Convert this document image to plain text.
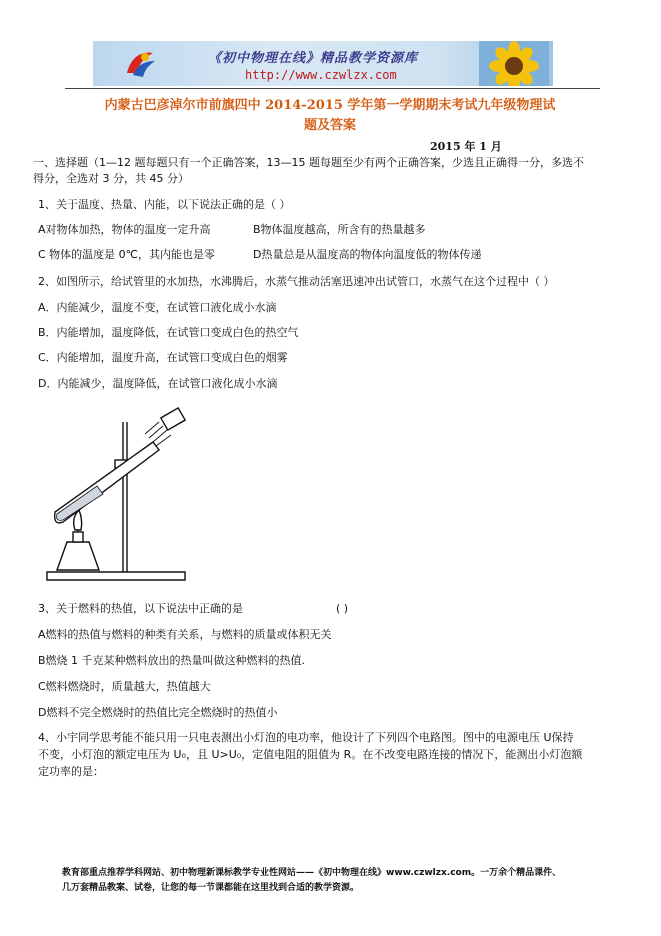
《初中物理在线》精品教学资源库
http://www.czwlzx.com
内蒙古巴彦淖尔市前旗四中 2014-2015 学年第一学期期末考试九年级物理试
题及答案
2015 年 1 月
一、选择题（1—12 题每题只有一个正确答案，13—15 题每题至少有两个正确答案，少选且正确得一分，多选不
得分，全选对 3 分，共 45 分）
1、关于温度、热量、内能，以下说法正确的是（ ）
A对物体加热，物体的温度一定升高	B物体温度越高，所含有的热量越多
C 物体的温度是 0℃，其内能也是零	D热量总是从温度高的物体向温度低的物体传递
2、如图所示，给试管里的水加热，水沸腾后，水蒸气推动活塞迅速冲出试管口，水蒸气在这个过程中（ ）
A．内能减少，温度不变，在试管口液化成小水滴
B．内能增加，温度降低，在试管口变成白色的热空气
C．内能增加，温度升高，在试管口变成白色的烟雾
D．内能减少，温度降低，在试管口液化成小水滴
3、关于燃料的热值，以下说法中正确的是	( )
A燃料的热值与燃料的种类有关系，与燃料的质量或体积无关
B燃烧 1 千克某种燃料放出的热量叫做这种燃料的热值.
C燃料燃烧时，质量越大，热值越大
D燃料不完全燃烧时的热值比完全燃烧时的热值小
4、小宇同学思考能不能只用一只电表测出小灯泡的电功率，他设计了下列四个电路图。图中的电源电压 U保持
不变，小灯泡的额定电压为 U₀，且 U>U₀，定值电阻的阻值为 R。在不改变电路连接的情况下，能测出小灯泡额
定功率的是：
教育部重点推荐学科网站、初中物理新课标教学专业性网站——《初中物理在线》www.czwlzx.com。一万余个精品课件、
几万套精品教案、试卷，让您的每一节课都能在这里找到合适的教学资源。
